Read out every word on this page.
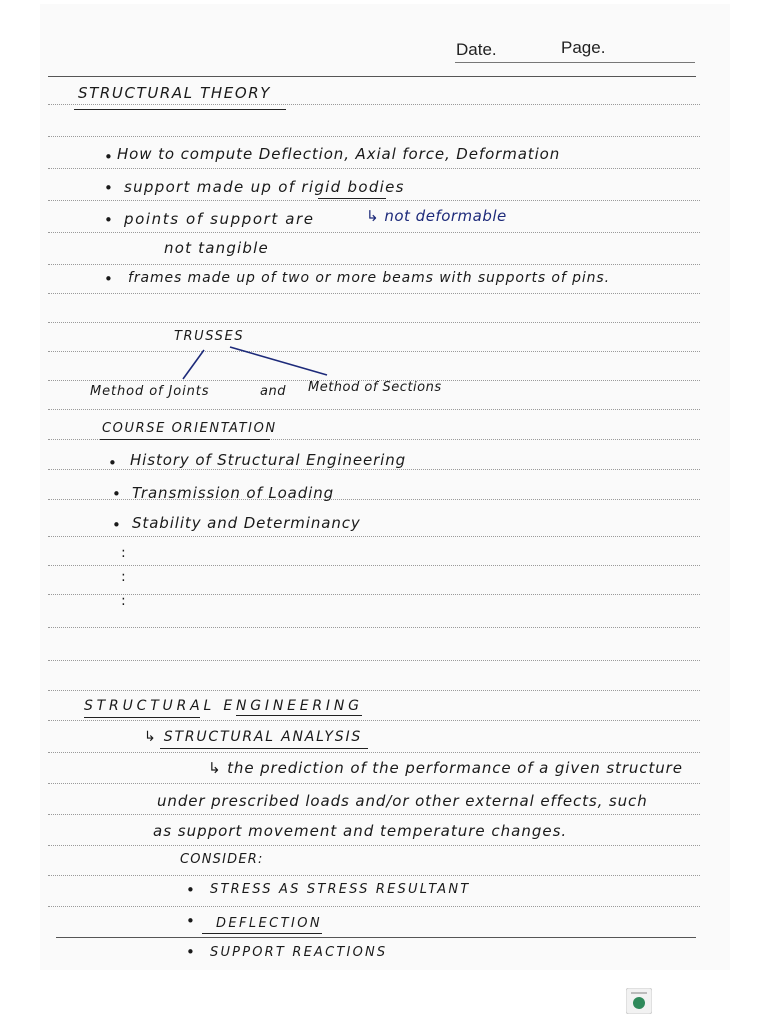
Date.	Page.
STRUCTURAL THEORY
• How to compute Deflection, Axial force, Deformation
• support made up of rigid bodies
• points of support are	↳ not deformable
not tangible
• frames made up of two or more beams with supports of pins.
TRUSSES
Method of Joints	and Method of Sections
COURSE ORIENTATION
• History of Structural Engineering
• Transmission of Loading
• Stability and Determinancy
:
:
:
STRUCTURAL ENGINEERING
↳ STRUCTURAL ANALYSIS
↳ the prediction of the performance of a given structure
under prescribed loads and/or other external effects, such
as support movement and temperature changes.
CONSIDER:
• STRESS AS STRESS RESULTANT
• DEFLECTION
• SUPPORT REACTIONS
